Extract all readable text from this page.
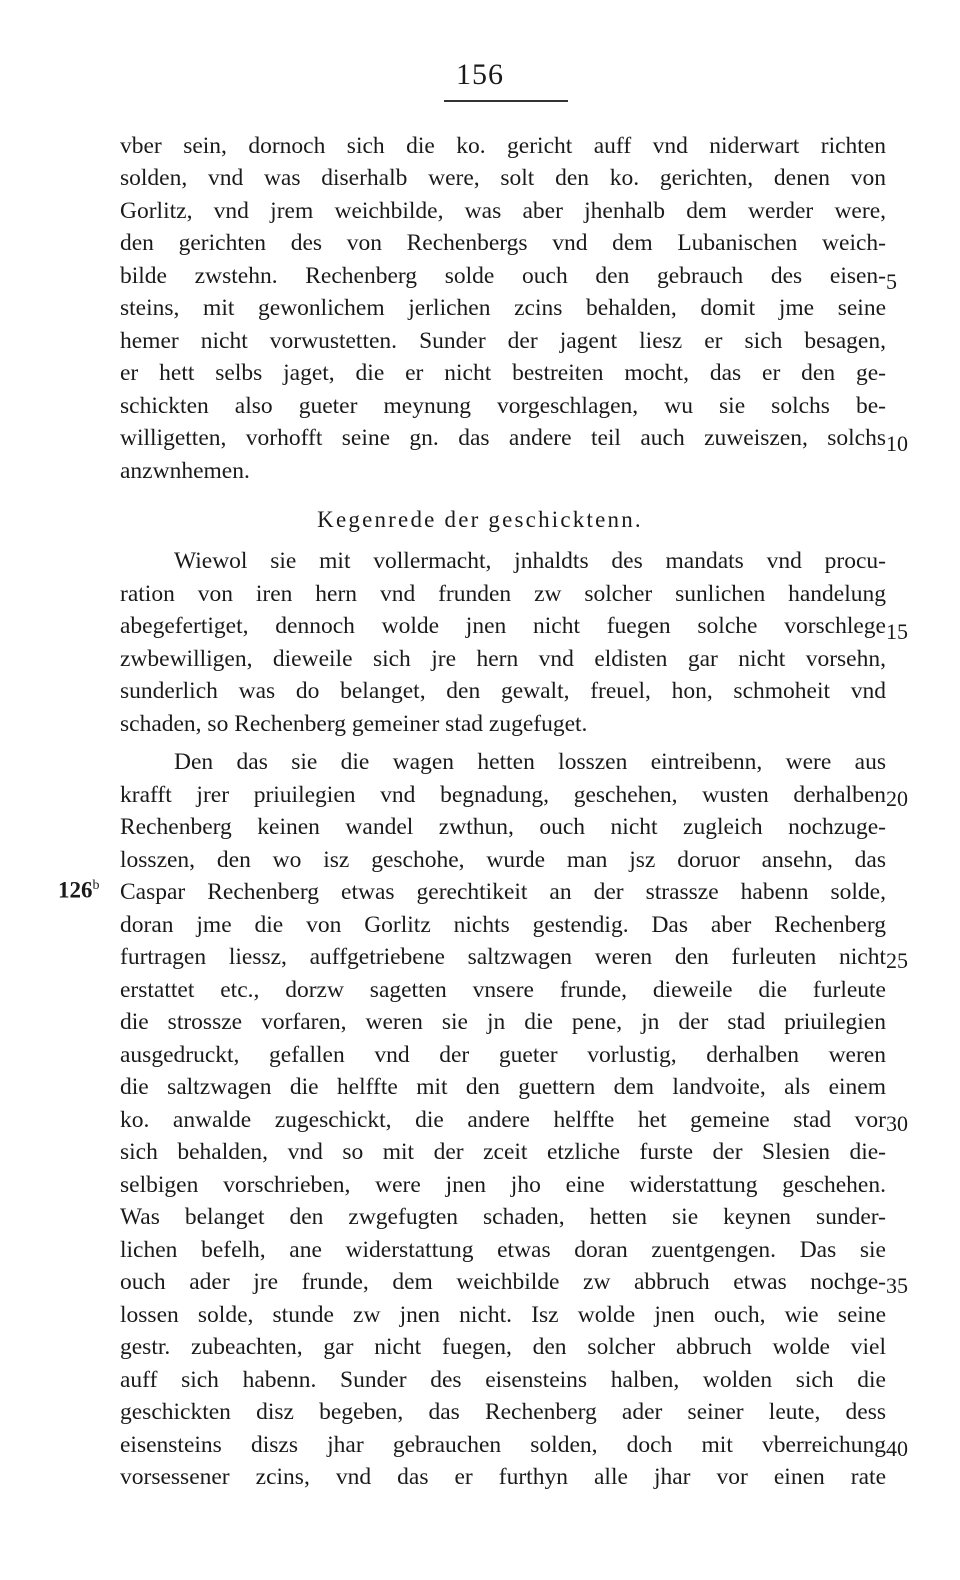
156
vber sein, dornoch sich die ko. gericht auff vnd niderwart richten
solden, vnd was diserhalb were, solt den ko. gerichten, denen von
Gorlitz, vnd jrem weichbilde, was aber jhenhalb dem werder were,
den gerichten des von Rechenbergs vnd dem Lubanischen weich-
bilde zwstehn. Rechenberg solde ouch den gebrauch des eisen-
steins, mit gewonlichem jerlichen zcins behalden, domit jme seine
hemer nicht vorwustetten. Sunder der jagent liesz er sich besagen,
er hett selbs jaget, die er nicht bestreiten mocht, das er den ge-
schickten also gueter meynung vorgeschlagen, wu sie solchs be-
willigetten, vorhofft seine gn. das andere teil auch zuweiszen, solchs
anzwnhemen.
Kegenrede der geschicktenn.
Wiewol sie mit vollermacht, jnhaldts des mandats vnd procu-
ration von iren hern vnd frunden zw solcher sunlichen handelung
abegefertiget, dennoch wolde jnen nicht fuegen solche vorschlege
zwbewilligen, dieweile sich jre hern vnd eldisten gar nicht vorsehn,
sunderlich was do belanget, den gewalt, freuel, hon, schmoheit vnd
schaden, so Rechenberg gemeiner stad zugefuget.
Den das sie die wagen hetten losszen eintreibenn, were aus
krafft jrer priuilegien vnd begnadung, geschehen, wusten derhalben
Rechenberg keinen wandel zwthun, ouch nicht zugleich nochzuge-
losszen, den wo isz geschohe, wurde man jsz doruor ansehn, das
Caspar Rechenberg etwas gerechtikeit an der strassze habenn solde,
doran jme die von Gorlitz nichts gestendig. Das aber Rechenberg
furtragen liessz, auffgetriebene saltzwagen weren den furleuten nicht
erstattet etc., dorzw sagetten vnsere frunde, dieweile die furleute
die strossze vorfaren, weren sie jn die pene, jn der stad priuilegien
ausgedruckt, gefallen vnd der gueter vorlustig, derhalben weren
die saltzwagen die helffte mit den guettern dem landvoite, als einem
ko. anwalde zugeschickt, die andere helffte het gemeine stad vor
sich behalden, vnd so mit der zceit etzliche furste der Slesien die-
selbigen vorschrieben, were jnen jho eine widerstattung geschehen.
Was belanget den zwgefugten schaden, hetten sie keynen sunder-
lichen befelh, ane widerstattung etwas doran zuentgengen. Das sie
ouch ader jre frunde, dem weichbilde zw abbruch etwas nochge-
lossen solde, stunde zw jnen nicht. Isz wolde jnen ouch, wie seine
gestr. zubeachten, gar nicht fuegen, den solcher abbruch wolde viel
auff sich habenn. Sunder des eisensteins halben, wolden sich die
geschickten disz begeben, das Rechenberg ader seiner leute, dess
eisensteins diszs jhar gebrauchen solden, doch mit vberreichung
vorsessener zcins, vnd das er furthyn alle jhar vor einen rate
5
10
15
20
25
30
35
40
126$^b$
